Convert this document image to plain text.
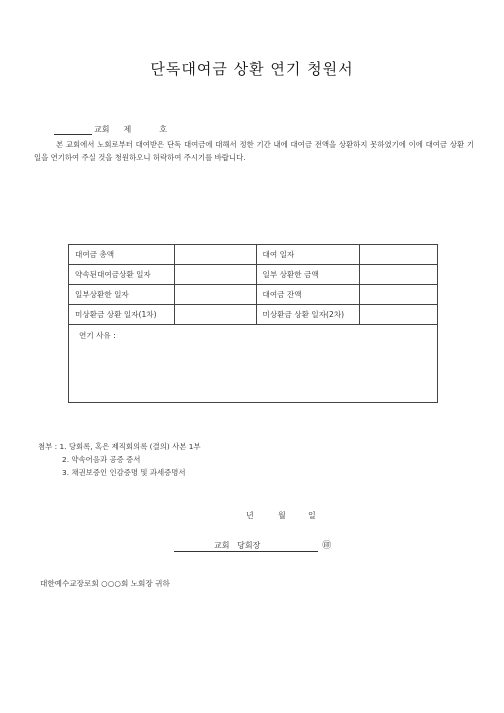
단독대여금 상환 연기 청원서
교회 제	호
본 교회에서 노회로부터 대여받은 단독 대여금에 대해서 정한 기간 내에 대여금 전액을 상환하지 못하였기에 이에 대여금 상환 기일을 연기하여 주실 것을 청원하오니 허락하여 주시기를 바랍니다.
대여금 총액		대여 일자	
약속된대여금상환 일자		일부 상환한 금액	
일부상환한 일자		대여금 잔액	
미상환금 상환 일자(1차)		미상환금 상환 일자(2차)	
연기 사유 :			
첨부 : 1. 당회록, 혹은 제직회의록 (결의) 사본 1부
2. 약속어음과 공증 증서
3. 채권보증인 인감증명 및 과세증명서
년	월	일
교회 당회장	㊞
대한예수교장로회 ○○○회 노회장 귀하
